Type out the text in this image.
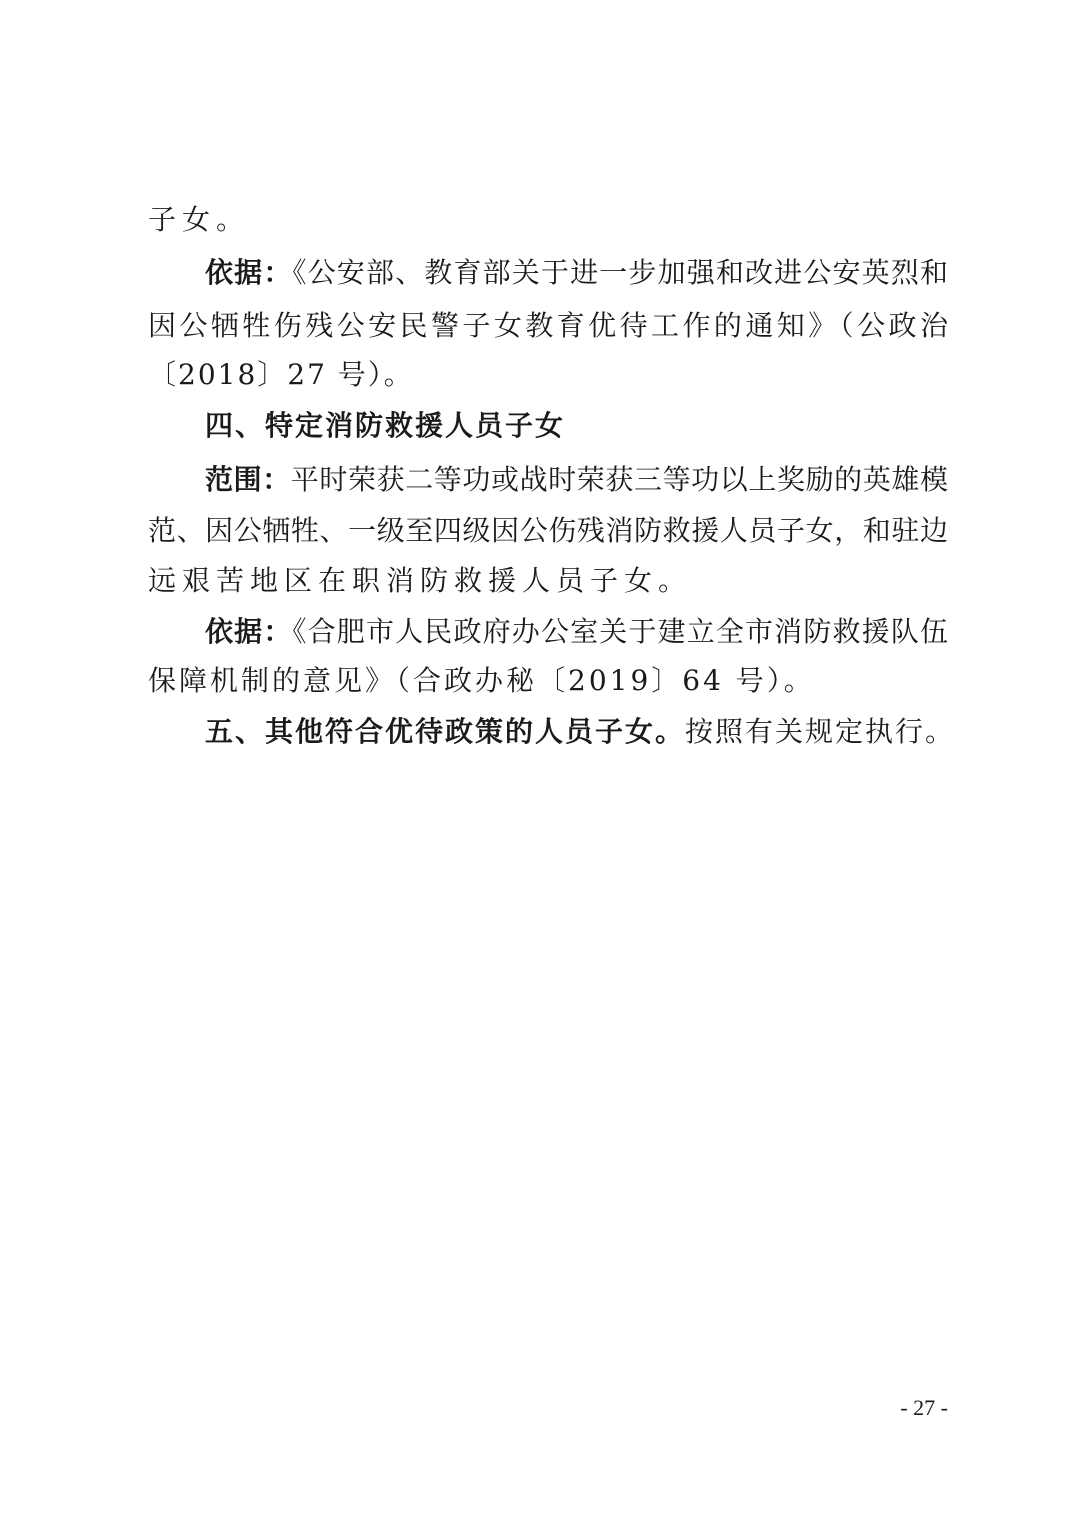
子女。
依据：《公安部、教育部关于进一步加强和改进公安英烈和
因公牺牲伤残公安民警子女教育优待工作的通知》（公政治
〔2018〕27 号）。
四、特定消防救援人员子女
范围：平时荣获二等功或战时荣获三等功以上奖励的英雄模
范、因公牺牲、一级至四级因公伤残消防救援人员子女，和驻边
远艰苦地区在职消防救援人员子女。
依据：《合肥市人民政府办公室关于建立全市消防救援队伍
保障机制的意见》（合政办秘〔2019〕64 号）。
五、其他符合优待政策的人员子女。按照有关规定执行。
- 27 -
